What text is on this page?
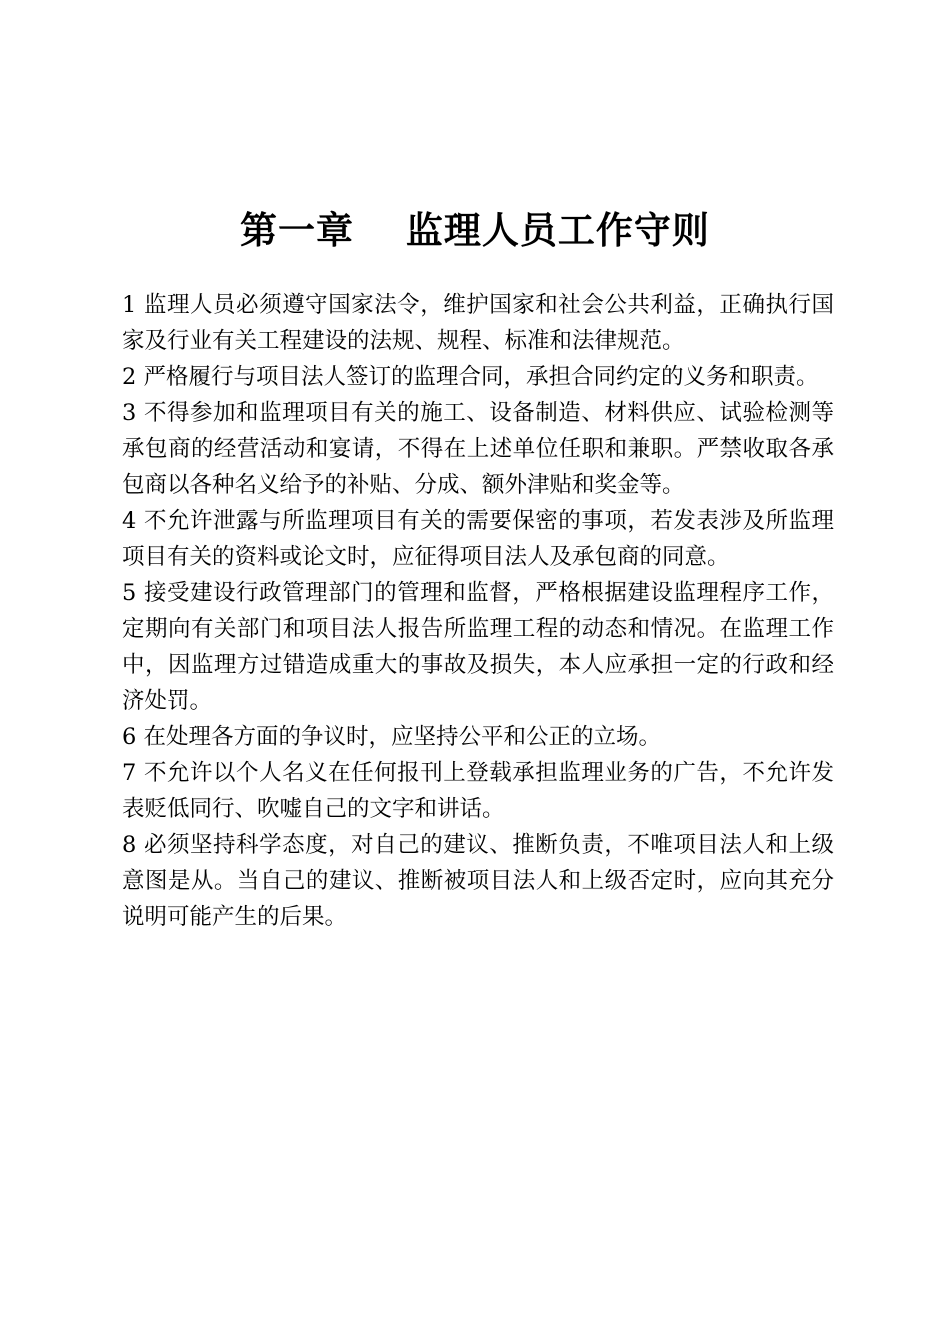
第一章　 监理人员工作守则

1 监理人员必须遵守国家法令，维护国家和社会公共利益，正确执行国家及行业有关工程建设的法规、规程、标准和法律规范。

2 严格履行与项目法人签订的监理合同，承担合同约定的义务和职责。

3 不得参加和监理项目有关的施工、设备制造、材料供应、试验检测等承包商的经营活动和宴请，不得在上述单位任职和兼职。严禁收取各承包商以各种名义给予的补贴、分成、额外津贴和奖金等。

4 不允许泄露与所监理项目有关的需要保密的事项，若发表涉及所监理项目有关的资料或论文时，应征得项目法人及承包商的同意。

5 接受建设行政管理部门的管理和监督，严格根据建设监理程序工作，定期向有关部门和项目法人报告所监理工程的动态和情况。在监理工作中，因监理方过错造成重大的事故及损失，本人应承担一定的行政和经济处罚。

6 在处理各方面的争议时，应坚持公平和公正的立场。

7 不允许以个人名义在任何报刊上登载承担监理业务的广告，不允许发表贬低同行、吹嘘自己的文字和讲话。

8 必须坚持科学态度，对自己的建议、推断负责，不唯项目法人和上级意图是从。当自己的建议、推断被项目法人和上级否定时，应向其充分说明可能产生的后果。
